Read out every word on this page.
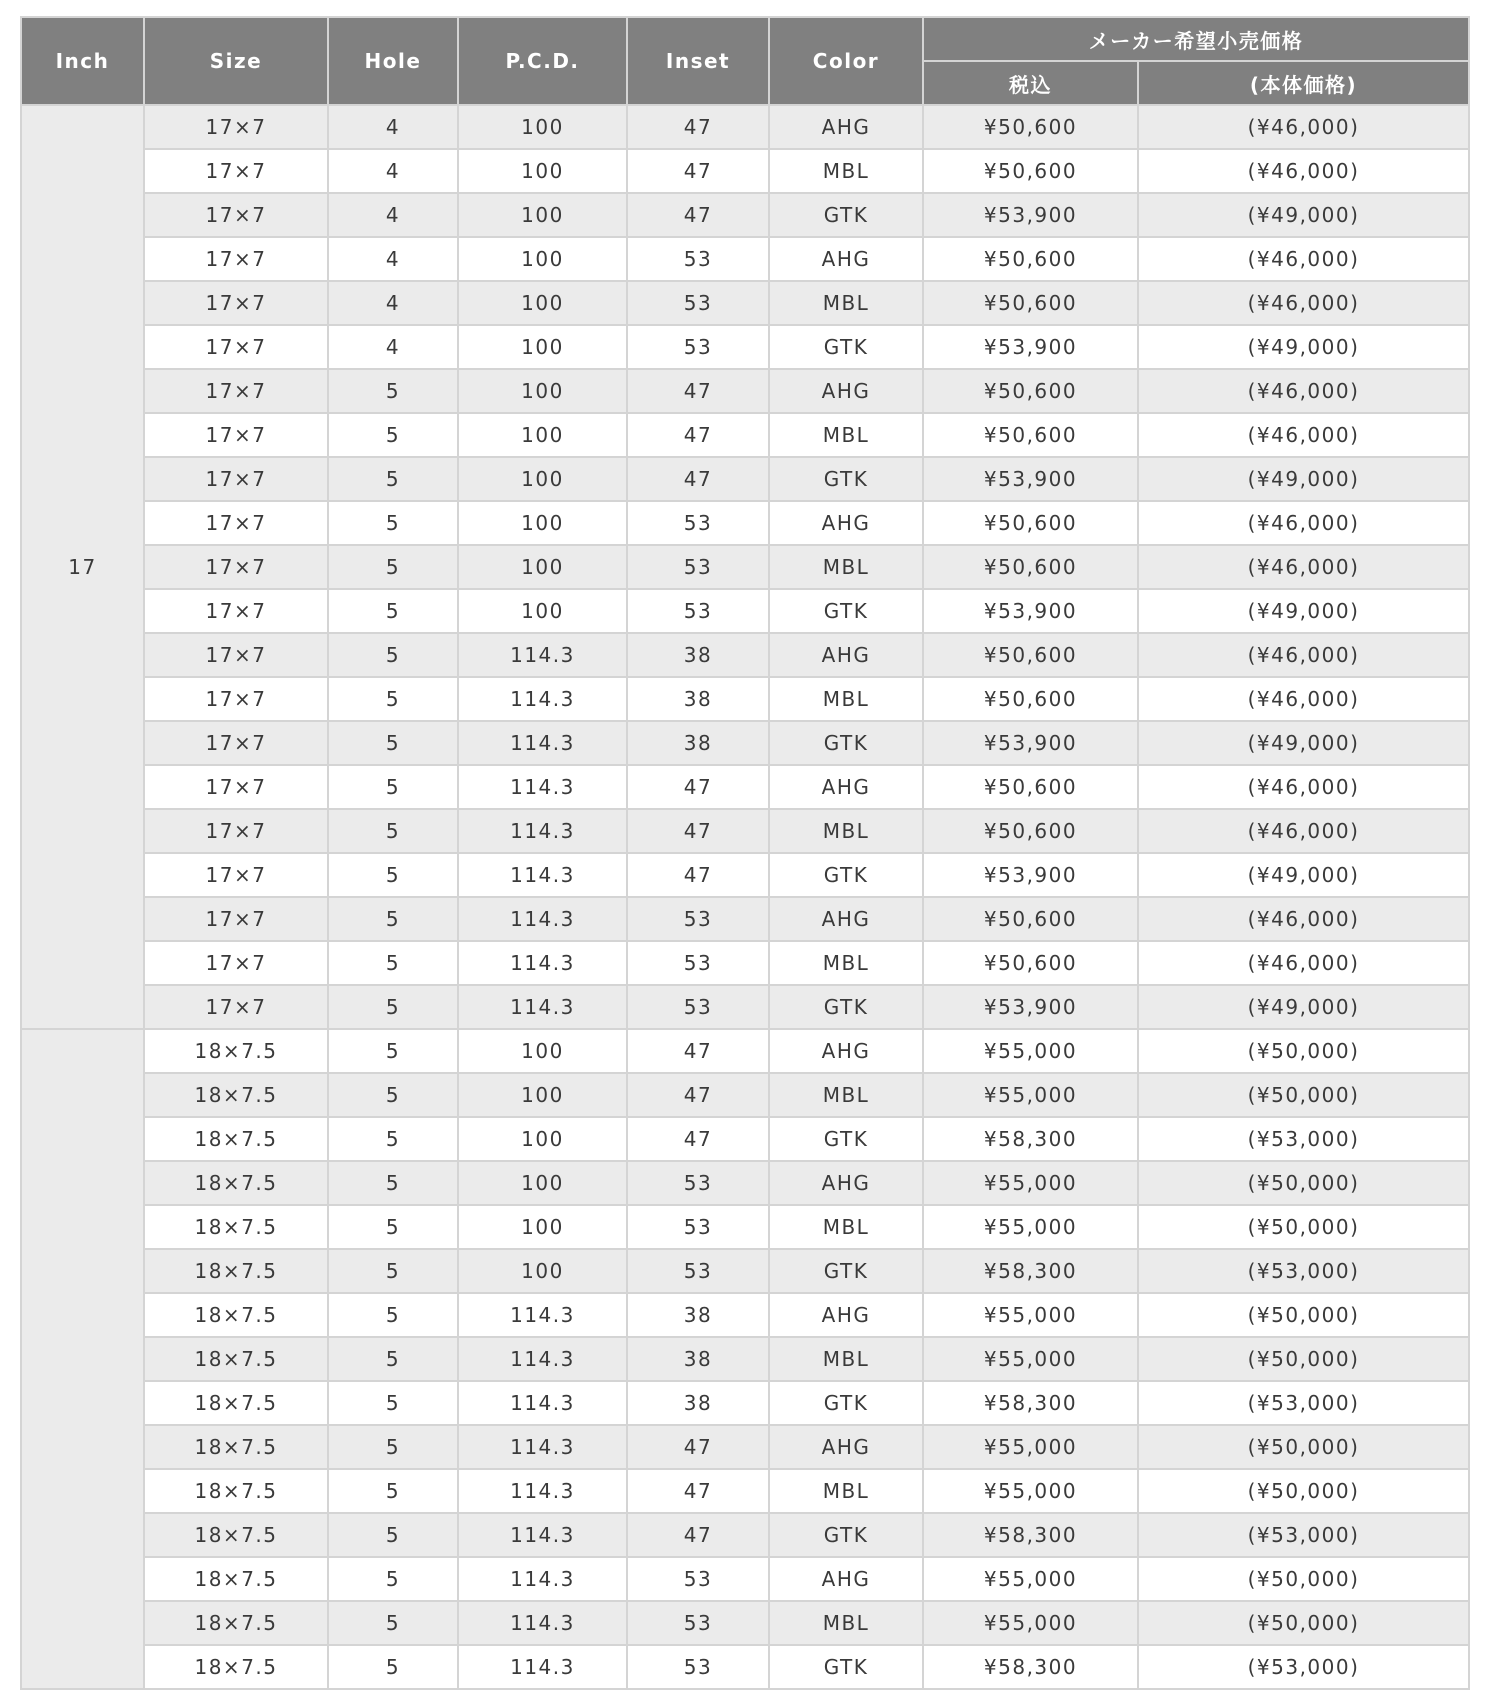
Inch	Size	Hole	P.C.D.	Inset	Color	メーカー希望小売価格	
						税込	(本体価格)
17	17×7	4	100	47	AHG	¥50,600	(¥46,000)
	17×7	4	100	47	MBL	¥50,600	(¥46,000)
	17×7	4	100	47	GTK	¥53,900	(¥49,000)
	17×7	4	100	53	AHG	¥50,600	(¥46,000)
	17×7	4	100	53	MBL	¥50,600	(¥46,000)
	17×7	4	100	53	GTK	¥53,900	(¥49,000)
	17×7	5	100	47	AHG	¥50,600	(¥46,000)
	17×7	5	100	47	MBL	¥50,600	(¥46,000)
	17×7	5	100	47	GTK	¥53,900	(¥49,000)
	17×7	5	100	53	AHG	¥50,600	(¥46,000)
	17×7	5	100	53	MBL	¥50,600	(¥46,000)
	17×7	5	100	53	GTK	¥53,900	(¥49,000)
	17×7	5	114.3	38	AHG	¥50,600	(¥46,000)
	17×7	5	114.3	38	MBL	¥50,600	(¥46,000)
	17×7	5	114.3	38	GTK	¥53,900	(¥49,000)
	17×7	5	114.3	47	AHG	¥50,600	(¥46,000)
	17×7	5	114.3	47	MBL	¥50,600	(¥46,000)
	17×7	5	114.3	47	GTK	¥53,900	(¥49,000)
	17×7	5	114.3	53	AHG	¥50,600	(¥46,000)
	17×7	5	114.3	53	MBL	¥50,600	(¥46,000)
	17×7	5	114.3	53	GTK	¥53,900	(¥49,000)
	18×7.5	5	100	47	AHG	¥55,000	(¥50,000)
	18×7.5	5	100	47	MBL	¥55,000	(¥50,000)
	18×7.5	5	100	47	GTK	¥58,300	(¥53,000)
	18×7.5	5	100	53	AHG	¥55,000	(¥50,000)
	18×7.5	5	100	53	MBL	¥55,000	(¥50,000)
	18×7.5	5	100	53	GTK	¥58,300	(¥53,000)
	18×7.5	5	114.3	38	AHG	¥55,000	(¥50,000)
	18×7.5	5	114.3	38	MBL	¥55,000	(¥50,000)
	18×7.5	5	114.3	38	GTK	¥58,300	(¥53,000)
	18×7.5	5	114.3	47	AHG	¥55,000	(¥50,000)
	18×7.5	5	114.3	47	MBL	¥55,000	(¥50,000)
	18×7.5	5	114.3	47	GTK	¥58,300	(¥53,000)
	18×7.5	5	114.3	53	AHG	¥55,000	(¥50,000)
	18×7.5	5	114.3	53	MBL	¥55,000	(¥50,000)
	18×7.5	5	114.3	53	GTK	¥58,300	(¥53,000)
